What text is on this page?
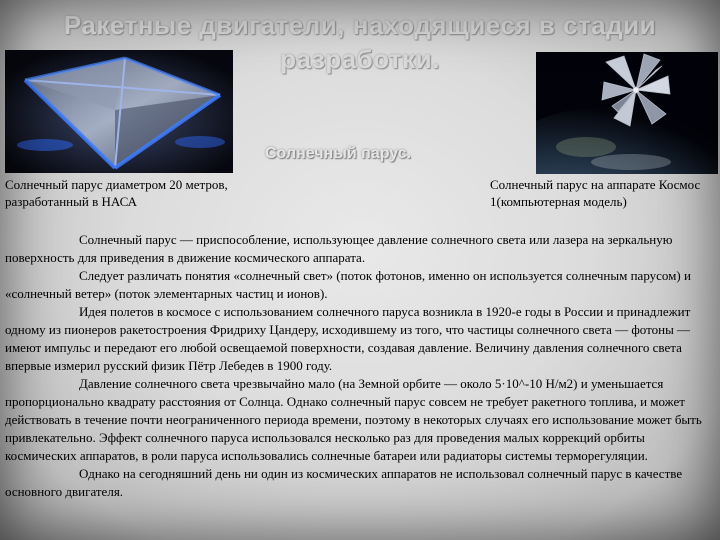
Ракетные двигатели, находящиеся в стадии
разработки.
Солнечный парус.
Солнечный парус диаметром 20 метров, разработанный в НАСА
Солнечный парус на аппарате Космос 1(компьютерная модель)

Солнечный парус — приспособление, использующее давление солнечного света или лазера на зеркальную поверхность для приведения в движение космического аппарата.

Следует различать понятия «солнечный свет» (поток фотонов, именно он используется солнечным парусом) и «солнечный ветер» (поток элементарных частиц и ионов).

Идея полетов в космосе с использованием солнечного паруса возникла в 1920-е годы в России и принадлежит одному из пионеров ракетостроения Фридриху Цандеру, исходившему из того, что частицы солнечного света — фотоны — имеют импульс и передают его любой освещаемой поверхности, создавая давление. Величину давления солнечного света впервые измерил русский физик Пётр Лебедев в 1900 году.

Давление солнечного света чрезвычайно мало (на Земной орбите — около 5·10^-10 Н/м2) и уменьшается пропорционально квадрату расстояния от Солнца. Однако солнечный парус совсем не требует ракетного топлива, и может действовать в течение почти неограниченного периода времени, поэтому в некоторых случаях его использование может быть привлекательно. Эффект солнечного паруса использовался несколько раз для проведения малых коррекций орбиты космических аппаратов, в роли паруса использовались солнечные батареи или радиаторы системы терморегуляции.

Однако на сегодняшний день ни один из космических аппаратов не использовал солнечный парус в качестве основного двигателя.
